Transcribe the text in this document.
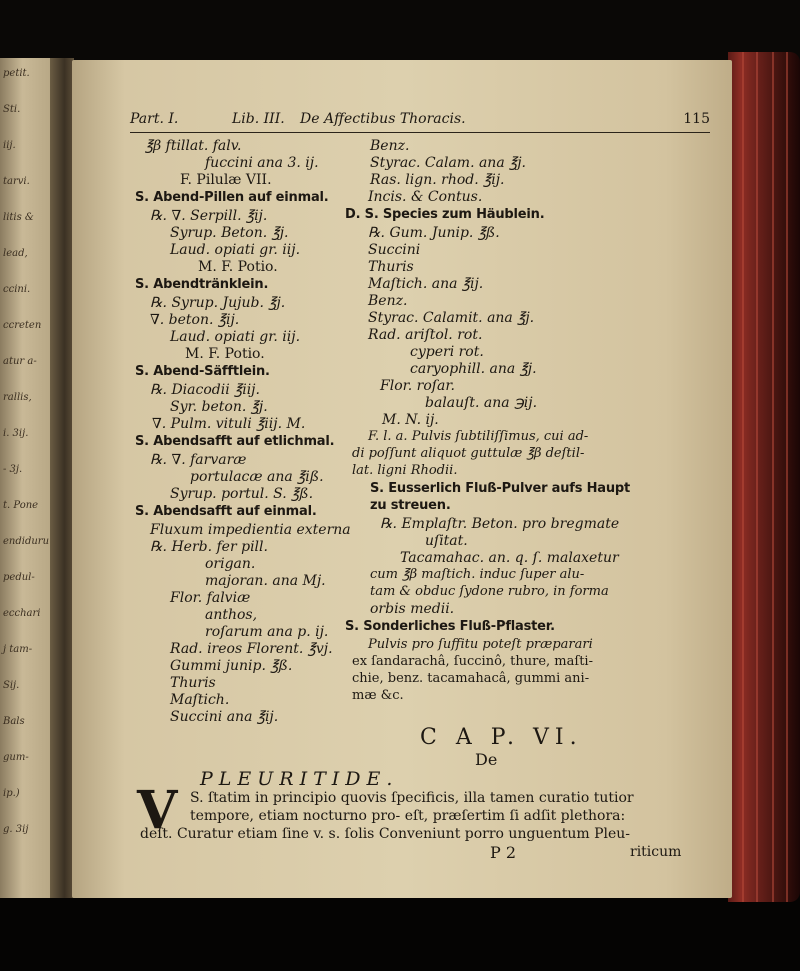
petit.
Sti.
iij.
tarvi.
litis &
lead,
ccini.
ccreten
atur a-
rallis,
i. 3ij.
- 3j.
t. Pone
endiduru
pedul-
ecchari
j tam-
Sij.
Bals
gum-
ip.)
g. 3ij
Part. I.	Lib. III. De Affectibus Thoracis.	115
℥β ftillat. falv.
fuccini ana 3. ij.
F. Pilulæ VII.
S. Abend-Pillen auf einmal.
℞. ∇. Serpill. ℥ij.
Syrup. Beton. ℥j.
Laud. opiati gr. iij.
M. F. Potio.
S. Abendtränklein.
℞. Syrup. Jujub. ℥j.
∇. beton. ℥ij.
Laud. opiati gr. iij.
M. F. Potio.
S. Abend-Säfftlein.
℞. Diacodii ℥iij.
Syr. beton. ℥j.
∇. Pulm. vituli ℥iij. M.
S. Abendsafft auf etlichmal.
℞. ∇. farvaræ
portulacæ ana ℥iß.
Syrup. portul. S. ℥ß.
S. Abendsafft auf einmal.
Fluxum impedientia externa
℞. Herb. fer pill.
origan.
majoran. ana Mj.
Flor. falviæ
anthos,
roſarum ana p. ij.
Rad. ireos Florent. ℥vj.
Gummi junip. ℥ß.
Thuris
Maſtich.
Succini ana ℥ij.
Benz.
Styrac. Calam. ana ℥j.
Ras. lign. rhod. ℥ij.
Incis. & Contus.
D. S. Species zum Häublein.
℞. Gum. Junip. ℥ß.
Succini
Thuris
Maſtich. ana ℥ij.
Benz.
Styrac. Calamit. ana ℥j.
Rad. ariſtol. rot.
cyperi rot.
caryophill. ana ℥j.
Flor. roſar.
balauſt. ana ℈ij.
M. N. ij.
F. l. a. Pulvis ſubtiliſſimus, cui ad-
di poſſunt aliquot guttulæ ℥β deſtil-
lat. ligni Rhodii.
S. Eusserlich Fluß-Pulver aufs Haupt
zu streuen.
℞. Emplaſtr. Beton. pro bregmate
uſitat.
Tacamahac. an. q. ſ. malaxetur
cum ℥β maſtich. induc ſuper alu-
tam & obduc ſydone rubro, in forma
orbis medii.
S. Sonderliches Fluß-Pflaster.
Pulvis pro ſuffitu poteſt præparari
ex ſandarachâ, ſuccinô, thure, maſti-
chie, benz. tacamahacâ, gummi ani-
mæ &c.
C A P. VI.
De
PLEURITIDE.
V S. ſtatim in principio quovis ſpecificis, illa tamen curatio tutior
tempore, etiam nocturno pro- eſt, præſertim ſi adſit plethora:
deſt. Curatur etiam ſine v. s. ſolis Conveniunt porro unguentum Pleu-
P 2	riticum
